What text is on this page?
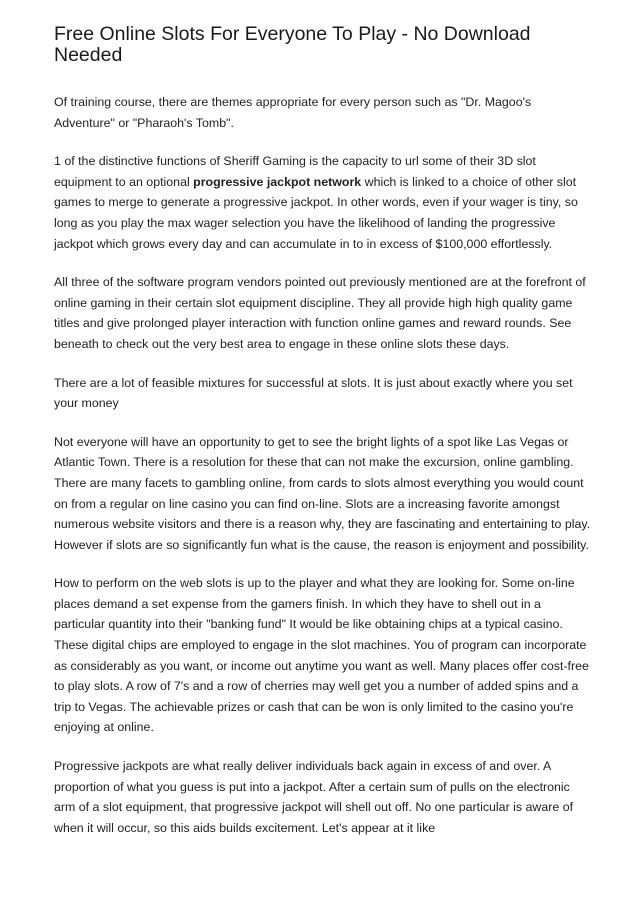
Free Online Slots For Everyone To Play - No Download Needed

Of training course, there are themes appropriate for every person such as "Dr. Magoo's Adventure" or "Pharaoh's Tomb".

1 of the distinctive functions of Sheriff Gaming is the capacity to url some of their 3D slot equipment to an optional progressive jackpot network which is linked to a choice of other slot games to merge to generate a progressive jackpot. In other words, even if your wager is tiny, so long as you play the max wager selection you have the likelihood of landing the progressive jackpot which grows every day and can accumulate in to in excess of $100,000 effortlessly.

All three of the software program vendors pointed out previously mentioned are at the forefront of online gaming in their certain slot equipment discipline. They all provide high high quality game titles and give prolonged player interaction with function online games and reward rounds. See beneath to check out the very best area to engage in these online slots these days.

There are a lot of feasible mixtures for successful at slots. It is just about exactly where you set your money

Not everyone will have an opportunity to get to see the bright lights of a spot like Las Vegas or Atlantic Town. There is a resolution for these that can not make the excursion, online gambling. There are many facets to gambling online, from cards to slots almost everything you would count on from a regular on line casino you can find on-line. Slots are a increasing favorite amongst numerous website visitors and there is a reason why, they are fascinating and entertaining to play. However if slots are so significantly fun what is the cause, the reason is enjoyment and possibility.

How to perform on the web slots is up to the player and what they are looking for. Some on-line places demand a set expense from the gamers finish. In which they have to shell out in a particular quantity into their "banking fund" It would be like obtaining chips at a typical casino. These digital chips are employed to engage in the slot machines. You of program can incorporate as considerably as you want, or income out anytime you want as well. Many places offer cost-free to play slots. A row of 7's and a row of cherries may well get you a number of added spins and a trip to Vegas. The achievable prizes or cash that can be won is only limited to the casino you're enjoying at online.

Progressive jackpots are what really deliver individuals back again in excess of and over. A proportion of what you guess is put into a jackpot. After a certain sum of pulls on the electronic arm of a slot equipment, that progressive jackpot will shell out off. No one particular is aware of when it will occur, so this aids builds excitement. Let's appear at it like
